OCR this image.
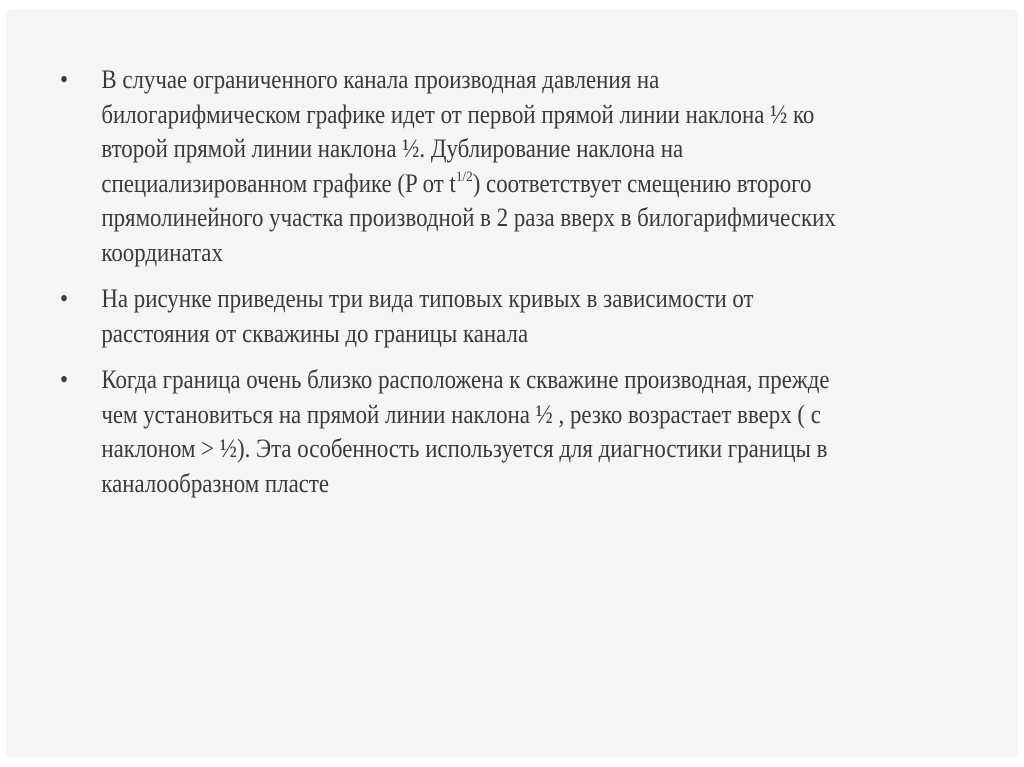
• В случае ограниченного канала производная давления на
билогарифмическом графике идет от первой прямой линии наклона ½ ко
второй прямой линии наклона ½. Дублирование наклона на
специализированном графике (P от $t^{1/2}$) соответствует смещению второго
прямолинейного участка производной в 2 раза вверх в билогарифмических
координатах
• На рисунке приведены три вида типовых кривых в зависимости от
расстояния от скважины до границы канала
• Когда граница очень близко расположена к скважине производная, прежде
чем установиться на прямой линии наклона ½ , резко возрастает вверх ( с
наклоном > ½). Эта особенность используется для диагностики границы в
каналообразном пласте
